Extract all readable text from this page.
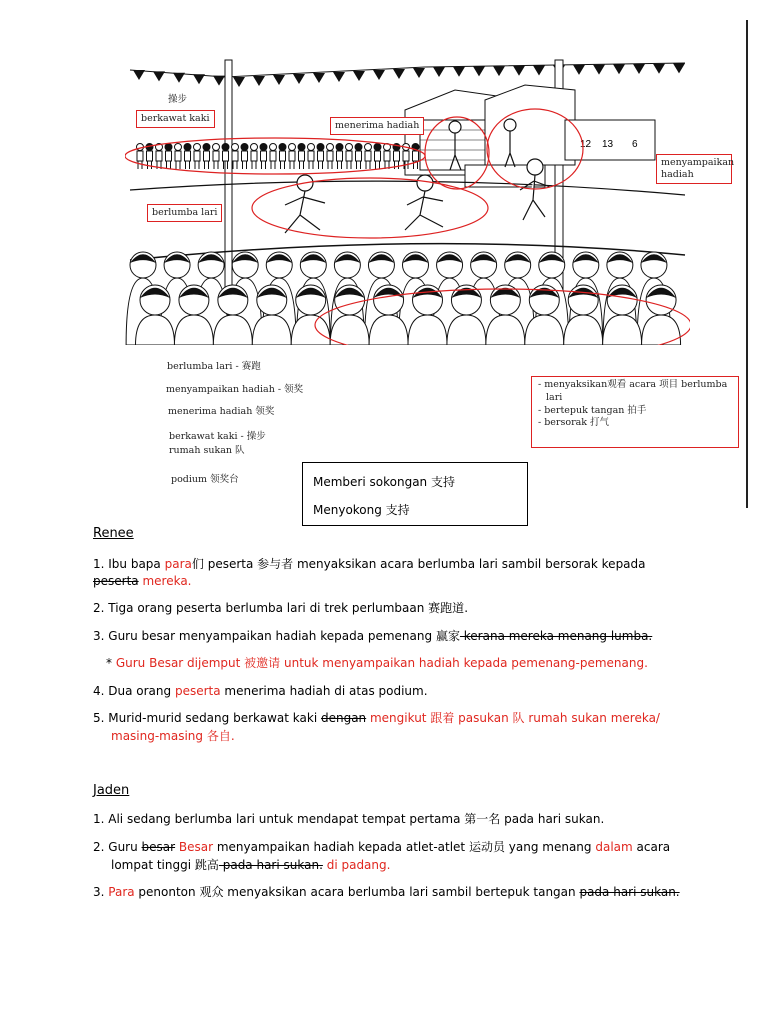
12 13 6
操步
berkawat kaki
menerima hadiah
menyampaikan hadiah
berlumba lari
berlumba lari - 赛跑
menyampaikan hadiah - 领奖
menerima hadiah 领奖
berkawat kaki - 操步
rumah sukan 队
podium 领奖台
- menyaksikan观看 acara 项目 berlumba
lari
- bertepuk tangan 拍手
- bersorak 打气
Memberi sokongan 支持
Menyokong 支持
Renee
1. Ibu bapa para们 peserta 参与者 menyaksikan acara berlumba lari sambil bersorak kepada
peserta mereka.
2. Tiga orang peserta berlumba lari di trek perlumbaan 赛跑道.
3. Guru besar menyampaikan hadiah kepada pemenang 赢家 kerana mereka menang lumba.
* Guru Besar dijemput 被邀请 untuk menyampaikan hadiah kepada pemenang-pemenang.
4. Dua orang peserta menerima hadiah di atas podium.
5. Murid-murid sedang berkawat kaki dengan mengikut 跟着 pasukan 队 rumah sukan mereka/
masing-masing 各自.
Jaden
1. Ali sedang berlumba lari untuk mendapat tempat pertama 第一名 pada hari sukan.
2. Guru besar Besar menyampaikan hadiah kepada atlet-atlet 运动员 yang menang dalam acara
lompat tinggi 跳高 pada hari sukan. di padang.
3. Para penonton 观众 menyaksikan acara berlumba lari sambil bertepuk tangan pada hari sukan.
